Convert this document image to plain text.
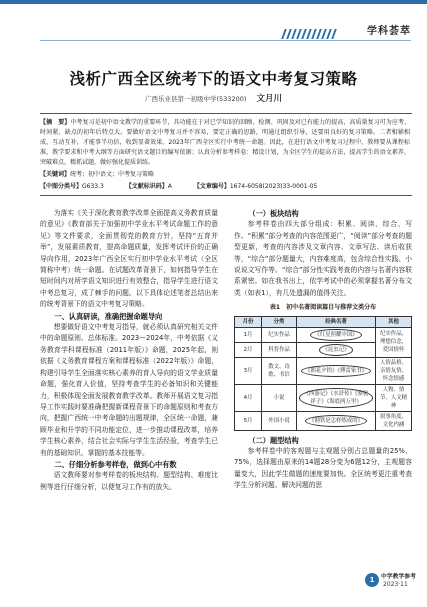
学科荟萃
浅析广西全区统考下的语文中考复习策略
广西乐业县第一初级中学(533200) 文月川
【摘　要】中考复习是初中语文教学的重要环节，具功能在于对已学知识的回顾、检测、巩固及对已有能力的提高，高质量复习可为应考、时间紧、缺点的初年后特点大。要做好语文中考复习并不容易，要定正确的思路，明通过组织引导，还要用良好的复习策略。二者相辅相成，互动互补，才能事半功倍，收到显著效果。2023年广西全区实行中考统一命题。因此，在进行语文中考复习过程中，教师要从课程标准，教学要求和中考大纲等方面研究语文题目的编写依据；认真分析参考样卷：精设计划，为全区学生的提高方法，提高学生的语文素养，突破难点，精抓试题，做好强化提质训练。
【关键词】统考；初中语文；中考复习策略
【中图分类号】G633.3	【文献标识码】A	【文章编号】1674-6058(2023)33-0001-05

为落实《关于深化教育教学改革全面提高义务教育质量的意见》《教育部关于加强初中学业水平考试命题工作的意见》等文件要求，全面贯彻党的教育方针，坚持“五育并举”，发展素质教育，提高命题质量，发挥考试评价的正确导向作用，2023年广西全区实行初中学业水平考试（全区简称中考）统一命题。在试题改革背景下，如何指导学生在短时间内对所学语文知识进行有效整合，指导学生进行语文中考总复习，成了棘手的问题。以下具体论述笔者总结出来的统考背景下的语文中考复习策略。

一、认真研读，准确把握命题导向

想要做好语文中考复习指导，就必须认真研究相关文件中的命题原则、总体标准。2023—2024年，中考依据《义务教育学科课程标准（2011年版）》命题，2025年起，则依据《义务教育课程方案和课程标准（2022年版）》命题，构建引导学生全面落实核心素养的育人导向的语文学业质量命题，强化育人价值，坚持考查学生的必备知识和关键能力，积极体现全面发展教育教学改革。教师开展语文复习指导工作实践时要准确把握新课程背景下的命题原则和考查方向，把握广西统一中考命题的出题规律，全区统一命题，兼顾毕业和升学的不同功能定位，进一步推动课程改革，培养学生核心素养，结合社会实际与学生生活经验，考查学生已有的基础知识、掌握的基本技能等。

二、仔细分析参考样卷，做到心中有数

语文教师要对参考样卷的板块结构、题型结构、难度比例等进行仔细分析，以便复习工作有的放矢。

（一）板块结构

参考样卷由四大部分组成：积累、阅读、综合、写作。“积累”部分考查的内容范围更广，“阅读”部分考查的题型更新，考查的内容涉及文章内容、文章写法、读后收获等，“综合”部分题量大，内容难度高，包含综合性实践、小说说文写作等。“综合”部分性实践考查的内容与名著内容联系紧密。如在我书出上，依学考试中的必须掌握名著分布文类（如表1），有几处遗漏的值得关注。

表1　初中名著阅读篇目与推荐文类分布
月份	分类	经典名著	其他
1月	纪实作品	《红星照耀中国》	纪实作品、理想信念，爱国情怀
2月	科普作品	《昆虫记》	
3月	散文、诗歌、书信	《朝花夕拾》《傅雷家书》	人情品格、亲情友情、怀念情感
4月	小说	《西游记》《水浒传》《骆驼祥子》《海底两万里》	人物、情节、人文精神
5月	外国小说	《钢铁是怎样炼成的》	叙事角度、文化内涵

（二）题型结构

参考样卷中的客观题与主观题分别占总题量的25%、75%，选择题由原来的14题28分变为6题12分，主观题容量变大，因此学生做题的速度要加快。全区统考更注重考查学生分析问题、解决问题的思

1	中学教学参考
2023·11
